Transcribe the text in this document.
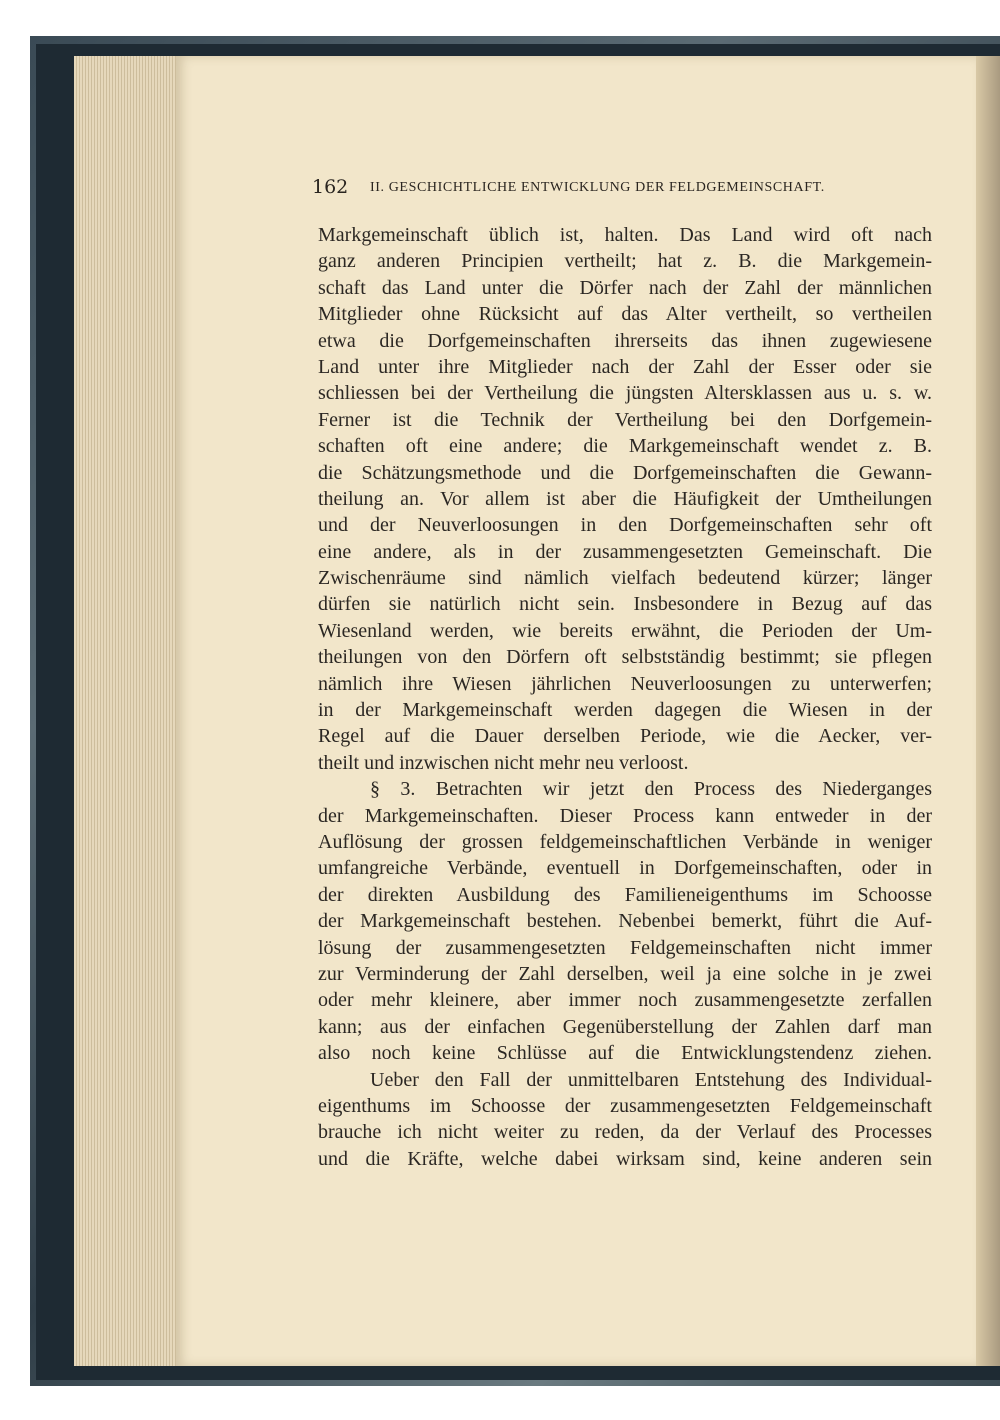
162 II. GESCHICHTLICHE ENTWICKLUNG DER FELDGEMEINSCHAFT.
Markgemeinschaft üblich ist, halten. Das Land wird oft nach
ganz anderen Principien vertheilt; hat z. B. die Markgemein-
schaft das Land unter die Dörfer nach der Zahl der männlichen
Mitglieder ohne Rücksicht auf das Alter vertheilt, so vertheilen
etwa die Dorfgemeinschaften ihrerseits das ihnen zugewiesene
Land unter ihre Mitglieder nach der Zahl der Esser oder sie
schliessen bei der Vertheilung die jüngsten Altersklassen aus u. s. w.
Ferner ist die Technik der Vertheilung bei den Dorfgemein-
schaften oft eine andere; die Markgemeinschaft wendet z. B.
die Schätzungsmethode und die Dorfgemeinschaften die Gewann-
theilung an. Vor allem ist aber die Häufigkeit der Umtheilungen
und der Neuverloosungen in den Dorfgemeinschaften sehr oft
eine andere, als in der zusammengesetzten Gemeinschaft. Die
Zwischenräume sind nämlich vielfach bedeutend kürzer; länger
dürfen sie natürlich nicht sein. Insbesondere in Bezug auf das
Wiesenland werden, wie bereits erwähnt, die Perioden der Um-
theilungen von den Dörfern oft selbstständig bestimmt; sie pflegen
nämlich ihre Wiesen jährlichen Neuverloosungen zu unterwerfen;
in der Markgemeinschaft werden dagegen die Wiesen in der
Regel auf die Dauer derselben Periode, wie die Aecker, ver-
theilt und inzwischen nicht mehr neu verloost.
§ 3. Betrachten wir jetzt den Process des Niederganges
der Markgemeinschaften. Dieser Process kann entweder in der
Auflösung der grossen feldgemeinschaftlichen Verbände in weniger
umfangreiche Verbände, eventuell in Dorfgemeinschaften, oder in
der direkten Ausbildung des Familieneigenthums im Schoosse
der Markgemeinschaft bestehen. Nebenbei bemerkt, führt die Auf-
lösung der zusammengesetzten Feldgemeinschaften nicht immer
zur Verminderung der Zahl derselben, weil ja eine solche in je zwei
oder mehr kleinere, aber immer noch zusammengesetzte zerfallen
kann; aus der einfachen Gegenüberstellung der Zahlen darf man
also noch keine Schlüsse auf die Entwicklungstendenz ziehen.
Ueber den Fall der unmittelbaren Entstehung des Individual-
eigenthums im Schoosse der zusammengesetzten Feldgemeinschaft
brauche ich nicht weiter zu reden, da der Verlauf des Processes
und die Kräfte, welche dabei wirksam sind, keine anderen sein
